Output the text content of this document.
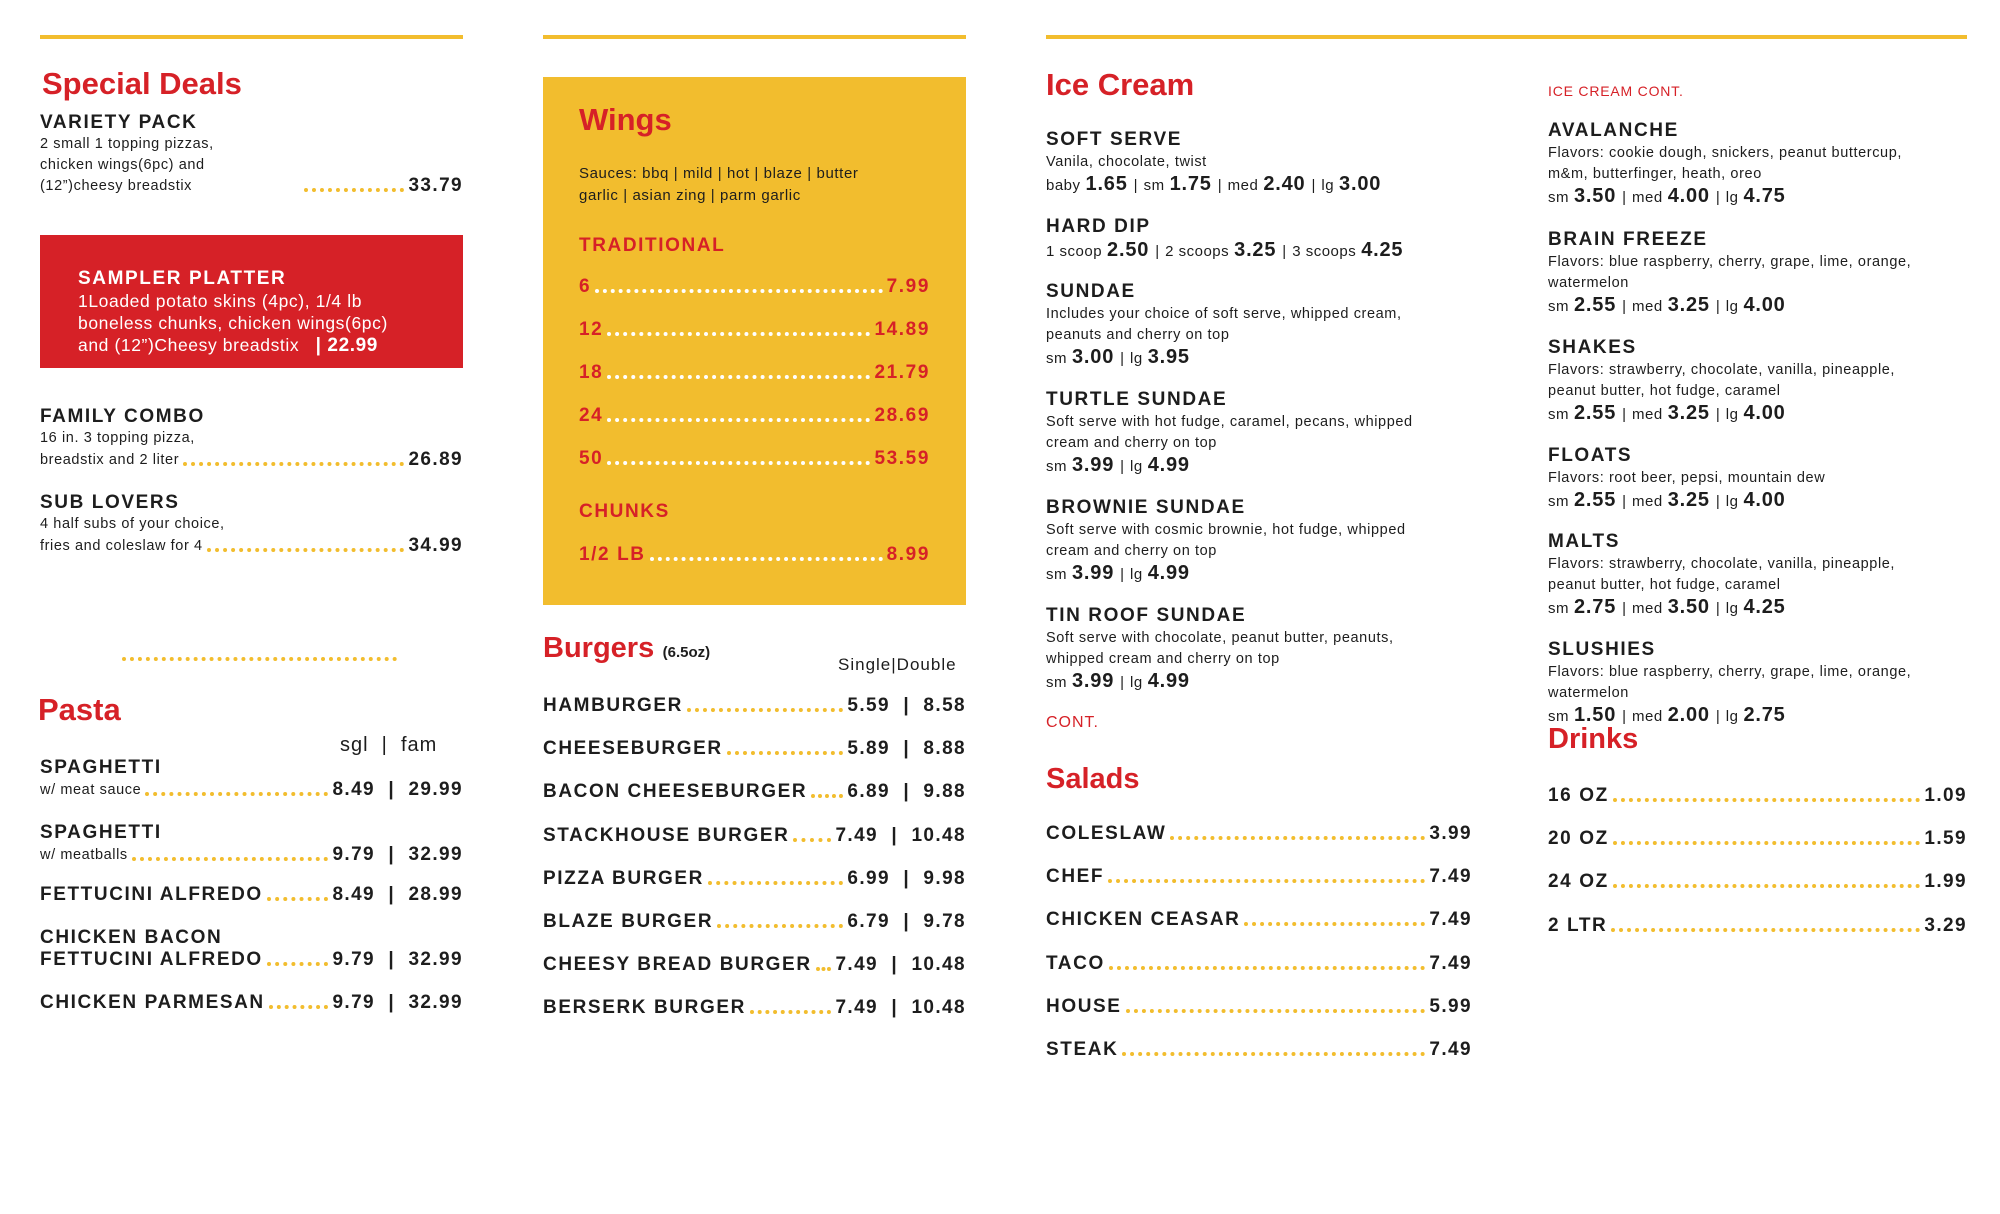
Special Deals
VARIETY PACK
2 small 1 topping pizzas,
chicken wings(6pc) and
(12”)cheesy breadstix	33.79
SAMPLER PLATTER
1Loaded potato skins (4pc), 1/4 lb
boneless chunks, chicken wings(6pc)
and (12”)Cheesy breadstix | 22.99
FAMILY COMBO
16 in. 3 topping pizza,
breadstix and 2 liter	26.89
SUB LOVERS
4 half subs of your choice,
fries and coleslaw for 4	34.99
Pasta
sgl  |  fam
SPAGHETTI
w/ meat sauce	8.49  |  29.99
SPAGHETTI
w/ meatballs	9.79  |  32.99
FETTUCINI ALFREDO	8.49  |  28.99
CHICKEN BACON
FETTUCINI ALFREDO	9.79  |  32.99
CHICKEN PARMESAN	9.79  |  32.99
Wings
Sauces: bbq | mild | hot | blaze | butter
garlic | asian zing | parm garlic
TRADITIONAL
6	7.99
12	14.89
18	21.79
24	28.69
50	53.59
CHUNKS
1/2 LB	8.99
Burgers (6.5oz)
Single|Double
HAMBURGER	5.59  |  8.58
CHEESEBURGER	5.89  |  8.88
BACON CHEESEBURGER 6.89  |  9.88
STACKHOUSE BURGER 7.49  |  10.48
PIZZA BURGER	6.99  |  9.98
BLAZE BURGER	6.79  |  9.78
CHEESY BREAD BURGER 7.49  |  10.48
BERSERK BURGER	7.49  |  10.48
Ice Cream
SOFT SERVE
Vanila, chocolate, twist
baby 1.65 | sm 1.75 | med 2.40 | lg 3.00
HARD DIP
1 scoop 2.50 | 2 scoops 3.25 | 3 scoops 4.25
SUNDAE
Includes your choice of soft serve, whipped cream,
peanuts and cherry on top
sm 3.00 | lg 3.95
TURTLE SUNDAE
Soft serve with hot fudge, caramel, pecans, whipped
cream and cherry on top
sm 3.99 | lg 4.99
BROWNIE SUNDAE
Soft serve with cosmic brownie, hot fudge, whipped
cream and cherry on top
sm 3.99 | lg 4.99
TIN ROOF SUNDAE
Soft serve with chocolate, peanut butter, peanuts,
whipped cream and cherry on top
sm 3.99 | lg 4.99
CONT.
Salads
COLESLAW	3.99
CHEF	7.49
CHICKEN CEASAR	7.49
TACO	7.49
HOUSE	5.99
STEAK	7.49
ICE CREAM CONT.
AVALANCHE
Flavors: cookie dough, snickers, peanut buttercup,
m&m, butterfinger, heath, oreo
sm 3.50 | med 4.00 | lg 4.75
BRAIN FREEZE
Flavors: blue raspberry, cherry, grape, lime, orange,
watermelon
sm 2.55 | med 3.25 | lg 4.00
SHAKES
Flavors: strawberry, chocolate, vanilla, pineapple,
peanut butter, hot fudge, caramel
sm 2.55 | med 3.25 | lg 4.00
FLOATS
Flavors: root beer, pepsi, mountain dew
sm 2.55 | med 3.25 | lg 4.00
MALTS
Flavors: strawberry, chocolate, vanilla, pineapple,
peanut butter, hot fudge, caramel
sm 2.75 | med 3.50 | lg 4.25
SLUSHIES
Flavors: blue raspberry, cherry, grape, lime, orange,
watermelon
sm 1.50 | med 2.00 | lg 2.75
Drinks
16 OZ	1.09
20 OZ	1.59
24 OZ	1.99
2 LTR	3.29
